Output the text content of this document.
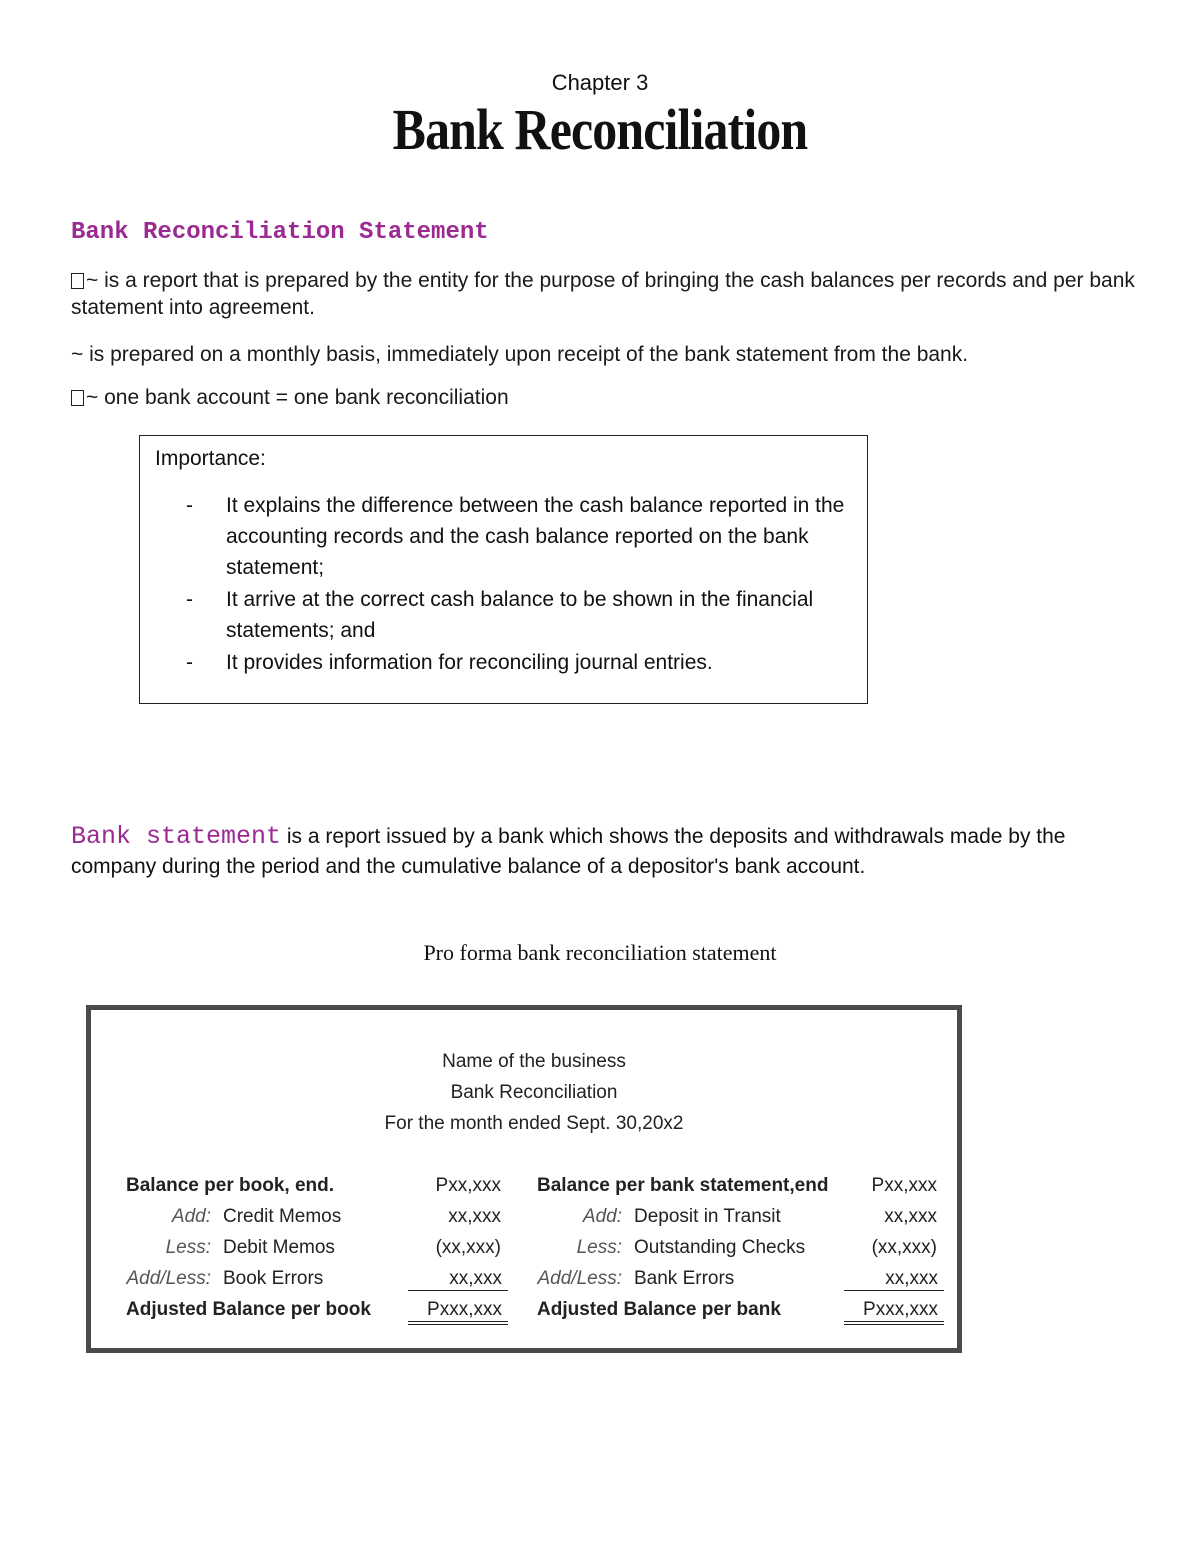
Chapter 3
Bank Reconciliation
Bank Reconciliation Statement
~ is a report that is prepared by the entity for the purpose of bringing the cash balances per records and per bank statement into agreement.
~ is prepared on a monthly basis, immediately upon receipt of the bank statement from the bank.
~ one bank account = one bank reconciliation
Importance:
- It explains the difference between the cash balance reported in the accounting records and the cash balance reported on the bank statement;
- It arrive at the correct cash balance to be shown in the financial statements; and
- It provides information for reconciling journal entries.
Bank statement is a report issued by a bank which shows the deposits and withdrawals made by the company during the period and the cumulative balance of a depositor's bank account.
Pro forma bank reconciliation statement
Name of the business
Bank Reconciliation
For the month ended Sept. 30,20x2
Balance per book, end.	Pxx,xxx
Add: Credit Memos	xx,xxx
Less: Debit Memos	(xx,xxx)
Add/Less: Book Errors	xx,xxx
Adjusted Balance per book	Pxxx,xxx
Balance per bank statement,end	Pxx,xxx
Add: Deposit in Transit	xx,xxx
Less: Outstanding Checks	(xx,xxx)
Add/Less: Bank Errors	xx,xxx
Adjusted Balance per bank	Pxxx,xxx
